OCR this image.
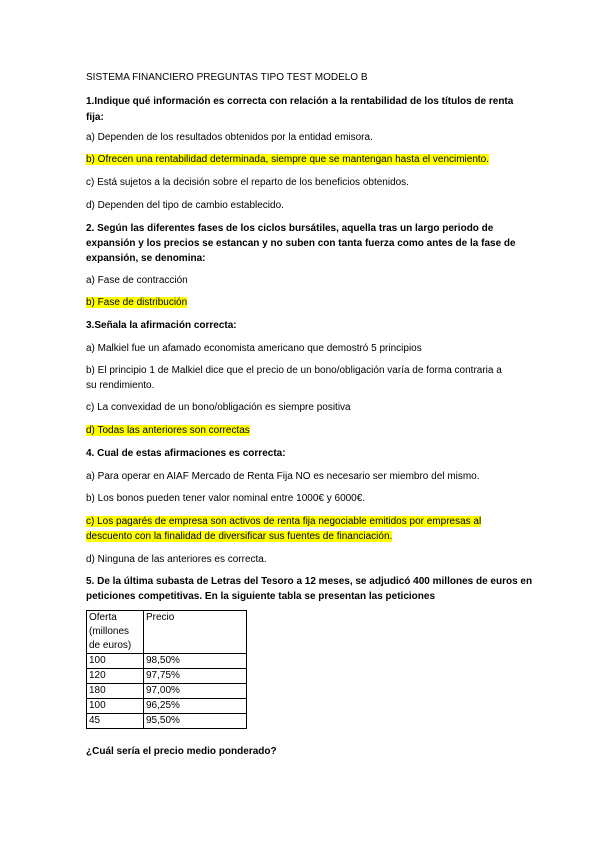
SISTEMA FINANCIERO PREGUNTAS TIPO TEST MODELO B
1.Indique qué información es correcta con relación a la rentabilidad de los títulos de renta
fija:
a) Dependen de los resultados obtenidos por la entidad emisora.
b) Ofrecen una rentabilidad determinada, siempre que se mantengan hasta el vencimiento.
c) Está sujetos a la decisión sobre el reparto de los beneficios obtenidos.
d) Dependen del tipo de cambio establecido.
2. Según las diferentes fases de los ciclos bursátiles, aquella tras un largo periodo de
expansión y los precios se estancan y no suben con tanta fuerza como antes de la fase de
expansión, se denomina:
a) Fase de contracción
b) Fase de distribución
3.Señala la afirmación correcta:
a) Malkiel fue un afamado economista americano que demostró 5 principios
b) El principio 1 de Malkiel dice que el precio de un bono/obligación varía de forma contraria a
su rendimiento.
c) La convexidad de un bono/obligación es siempre positiva
d) Todas las anteriores son correctas
4. Cual de estas afirmaciones es correcta:
a) Para operar en AIAF Mercado de Renta Fija NO es necesario ser miembro del mismo.
b) Los bonos pueden tener valor nominal entre 1000€ y 6000€.
c) Los pagarés de empresa son activos de renta fija negociable emitidos por empresas al
descuento con la finalidad de diversificar sus fuentes de financiación.
d) Ninguna de las anteriores es correcta.
5. De la última subasta de Letras del Tesoro a 12 meses, se adjudicó 400 millones de euros en
peticiones competitivas. En la siguiente tabla se presentan las peticiones
Oferta
(millones
de euros)	Precio
100	98,50%
120	97,75%
180	97,00%
100	96,25%
45	95,50%
¿Cuál sería el precio medio ponderado?
